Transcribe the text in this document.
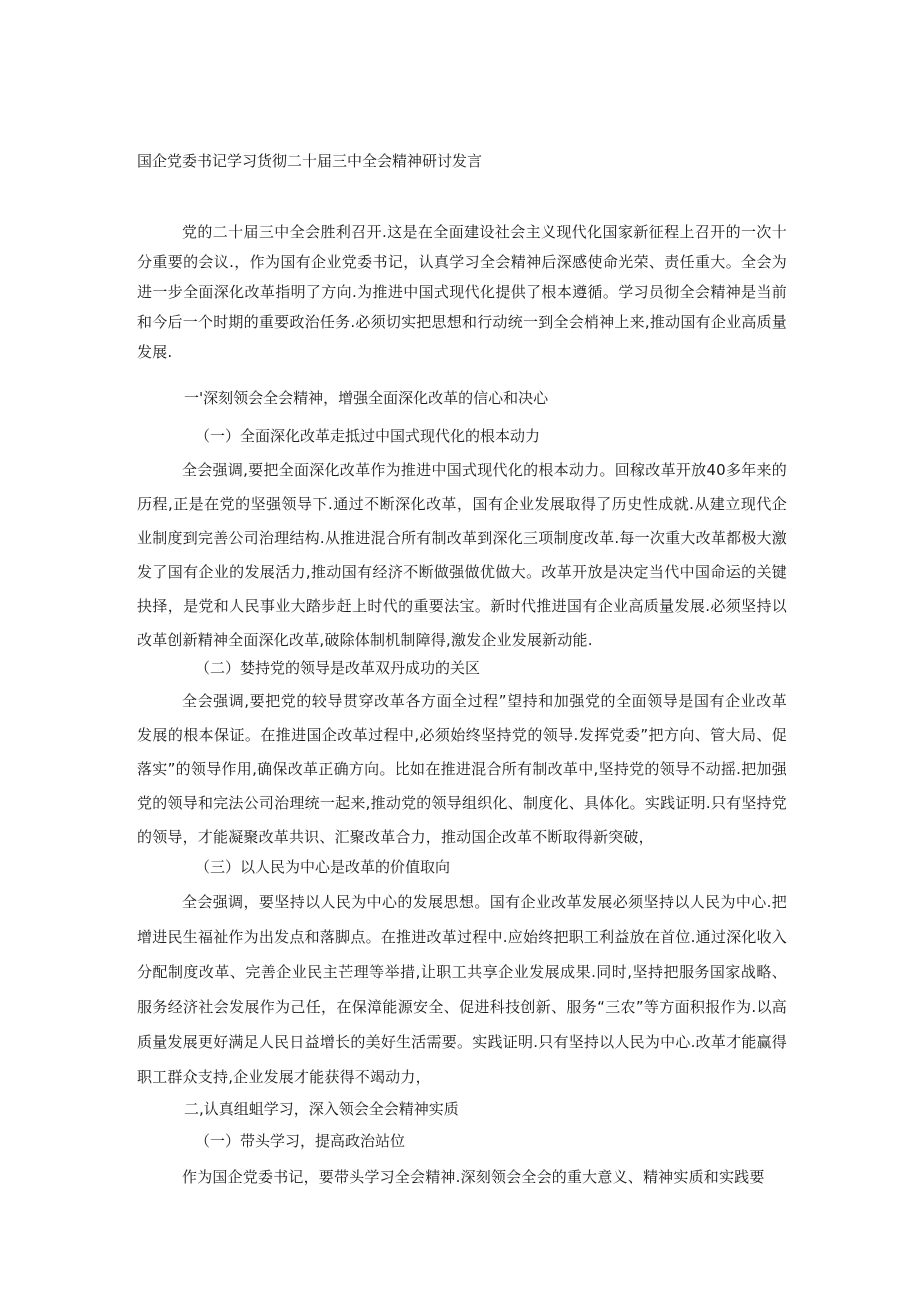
国企党委书记学习货彻二十届三中全会精神研讨发言

党的二十届三中全会胜利召开.这是在全面建设社会主义现代化国家新征程上召开的一次十分重要的会议.，作为国有企业党委书记，认真学习全会精神后深感使命光荣、责任重大。全会为进一步全面深化改革指明了方向.为推进中国式现代化提供了根本遵循。学习员彻全会精神是当前和今后一个时期的重要政治任务.必须切实把思想和行动统一到全会梢神上来,推动国有企业高质量发展.

一'深刻领会全会精神，增强全面深化改革的信心和决心

（一）全面深化改革走抵过中国式现代化的根本动力

全会强调,要把全面深化改革作为推进中国式现代化的根本动力。回稼改革开放40多年来的历程,正是在党的坚强领导下.通过不断深化改革，国有企业发展取得了历史性成就.从建立现代企业制度到完善公司治理结构.从推进混合所有制改革到深化三项制度改革.每一次重大改革都极大激发了国有企业的发展活力,推动国有经济不断做强做优做大。改革开放是决定当代中国命运的关键抉择，是党和人民事业大踏步赶上时代的重要法宝。新时代推进国有企业高质量发展.必须坚持以改革创新精神全面深化改革,破除体制机制障得,激发企业发展新动能.

（二）婪持党的领导是改革双丹成功的关区

全会强调,要把党的较导贯穿改革各方面全过程”望持和加强党的全面领导是国有企业改革发展的根本保证。在推进国企改革过程中,必须始终坚持党的领导.发挥党委”把方向、管大局、促落实”的领导作用,确保改革正确方向。比如在推进混合所有制改革中,坚持党的领导不动摇.把加强党的领导和完法公司治理统一起来,推动党的领导组织化、制度化、具体化。实践证明.只有坚持党的领导，才能凝聚改革共识、汇聚改革合力，推动国企改革不断取得新突破，

（三）以人民为中心是改革的价值取向

全会强调，要坚持以人民为中心的发展思想。国有企业改革发展必须坚持以人民为中心.把增进民生福祉作为出发点和落脚点。在推进改革过程中.应始终把职工利益放在首位.通过深化收入分配制度改革、完善企业民主芒理等举措,让职工共享企业发展成果.同时,坚持把服务国家战略、服务经济社会发展作为己任，在保漳能源安全、促进科技创新、服务“三农”等方面积报作为.以高质量发展更好满足人民日益增长的美好生活需要。实践证明.只有坚持以人民为中心.改革才能赢得职工群众支持,企业发展才能获得不竭动力，

二,认真组蛆学习，深入领会全会精神实质

（一）带头学习，提高政治站位

作为国企党委书记，要带头学习全会精神.深刻领会全会的重大意义、精神实质和实践要
